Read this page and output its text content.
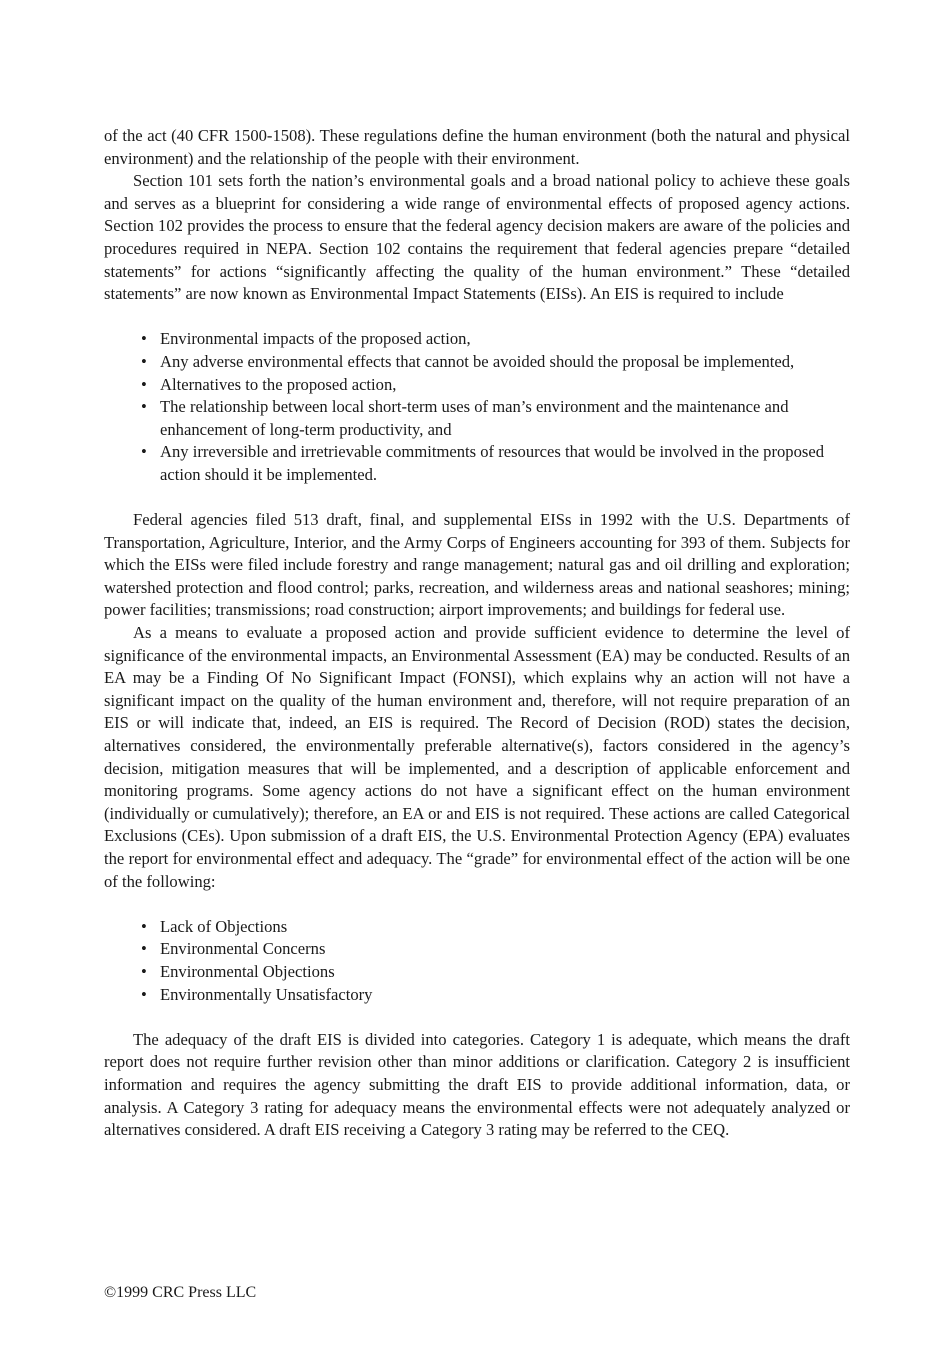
of the act (40 CFR 1500-1508). These regulations define the human environment (both the natural and physical environment) and the relationship of the people with their environment.

Section 101 sets forth the nation’s environmental goals and a broad national policy to achieve these goals and serves as a blueprint for considering a wide range of environmental effects of proposed agency actions. Section 102 provides the process to ensure that the federal agency decision makers are aware of the policies and procedures required in NEPA. Section 102 contains the requirement that federal agencies prepare “detailed statements” for actions “significantly affecting the quality of the human environment.” These “detailed statements” are now known as Environmental Impact Statements (EISs). An EIS is required to include

• Environmental impacts of the proposed action,
• Any adverse environmental effects that cannot be avoided should the proposal be implemented,
• Alternatives to the proposed action,
• The relationship between local short-term uses of man’s environment and the maintenance and enhancement of long-term productivity, and
• Any irreversible and irretrievable commitments of resources that would be involved in the proposed action should it be implemented.

Federal agencies filed 513 draft, final, and supplemental EISs in 1992 with the U.S. Departments of Transportation, Agriculture, Interior, and the Army Corps of Engineers accounting for 393 of them. Subjects for which the EISs were filed include forestry and range management; natural gas and oil drilling and exploration; watershed protection and flood control; parks, recreation, and wilderness areas and national seashores; mining; power facilities; transmissions; road construction; airport improvements; and buildings for federal use.

As a means to evaluate a proposed action and provide sufficient evidence to determine the level of significance of the environmental impacts, an Environmental Assessment (EA) may be conducted. Results of an EA may be a Finding Of No Significant Impact (FONSI), which explains why an action will not have a significant impact on the quality of the human environment and, therefore, will not require preparation of an EIS or will indicate that, indeed, an EIS is required. The Record of Decision (ROD) states the decision, alternatives considered, the environmentally preferable alternative(s), factors considered in the agency’s decision, mitigation measures that will be implemented, and a description of applicable enforcement and monitoring programs. Some agency actions do not have a significant effect on the human environment (individually or cumulatively); therefore, an EA or and EIS is not required. These actions are called Categorical Exclusions (CEs). Upon submission of a draft EIS, the U.S. Environmental Protection Agency (EPA) evaluates the report for environmental effect and adequacy. The “grade” for environmental effect of the action will be one of the following:

• Lack of Objections
• Environmental Concerns
• Environmental Objections
• Environmentally Unsatisfactory

The adequacy of the draft EIS is divided into categories. Category 1 is adequate, which means the draft report does not require further revision other than minor additions or clarification. Category 2 is insufficient information and requires the agency submitting the draft EIS to provide additional information, data, or analysis. A Category 3 rating for adequacy means the environmental effects were not adequately analyzed or alternatives considered. A draft EIS receiving a Category 3 rating may be referred to the CEQ.

©1999 CRC Press LLC
